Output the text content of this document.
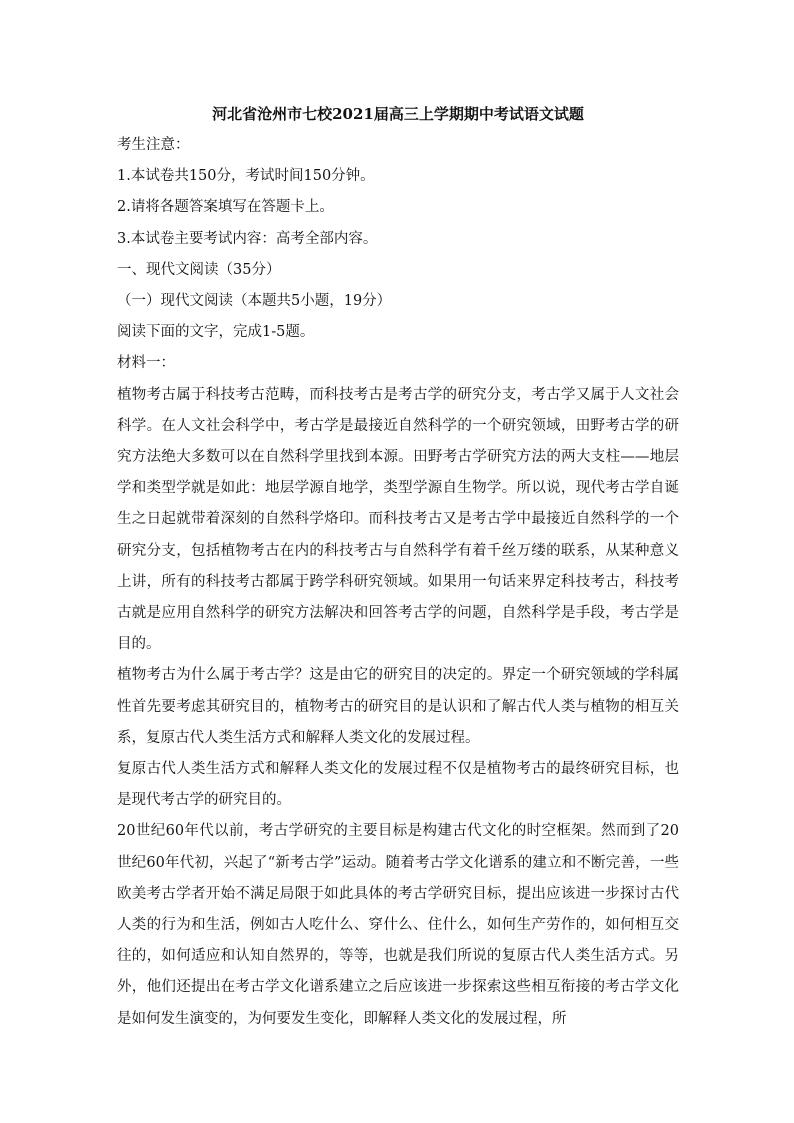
河北省沧州市七校2021届高三上学期期中考试语文试题
考生注意：
1.本试卷共150分，考试时间150分钟。
2.请将各题答案填写在答题卡上。
3.本试卷主要考试内容：高考全部内容。
一、现代文阅读（35分）
（一）现代文阅读（本题共5小题，19分）
阅读下面的文字，完成1-5题。
材料一：
植物考古属于科技考古范畴，而科技考古是考古学的研究分支，考古学又属于人文社会科学。在人文社会科学中，考古学是最接近自然科学的一个研究领域，田野考古学的研究方法绝大多数可以在自然科学里找到本源。田野考古学研究方法的两大支柱——地层学和类型学就是如此：地层学源自地学，类型学源自生物学。所以说，现代考古学自诞生之日起就带着深刻的自然科学烙印。而科技考古又是考古学中最接近自然科学的一个研究分支，包括植物考古在内的科技考古与自然科学有着千丝万缕的联系，从某种意义上讲，所有的科技考古都属于跨学科研究领域。如果用一句话来界定科技考古，科技考古就是应用自然科学的研究方法解决和回答考古学的问题，自然科学是手段，考古学是目的。
植物考古为什么属于考古学？这是由它的研究目的决定的。界定一个研究领域的学科属性首先要考虑其研究目的，植物考古的研究目的是认识和了解古代人类与植物的相互关系，复原古代人类生活方式和解释人类文化的发展过程。
复原古代人类生活方式和解释人类文化的发展过程不仅是植物考古的最终研究目标，也是现代考古学的研究目的。
20世纪60年代以前，考古学研究的主要目标是构建古代文化的时空框架。然而到了20世纪60年代初，兴起了“新考古学”运动。随着考古学文化谱系的建立和不断完善，一些欧美考古学者开始不满足局限于如此具体的考古学研究目标，提出应该进一步探讨古代人类的行为和生活，例如古人吃什么、穿什么、住什么，如何生产劳作的，如何相互交往的，如何适应和认知自然界的，等等，也就是我们所说的复原古代人类生活方式。另外，他们还提出在考古学文化谱系建立之后应该进一步探索这些相互衔接的考古学文化是如何发生演变的，为何要发生变化，即解释人类文化的发展过程，所
